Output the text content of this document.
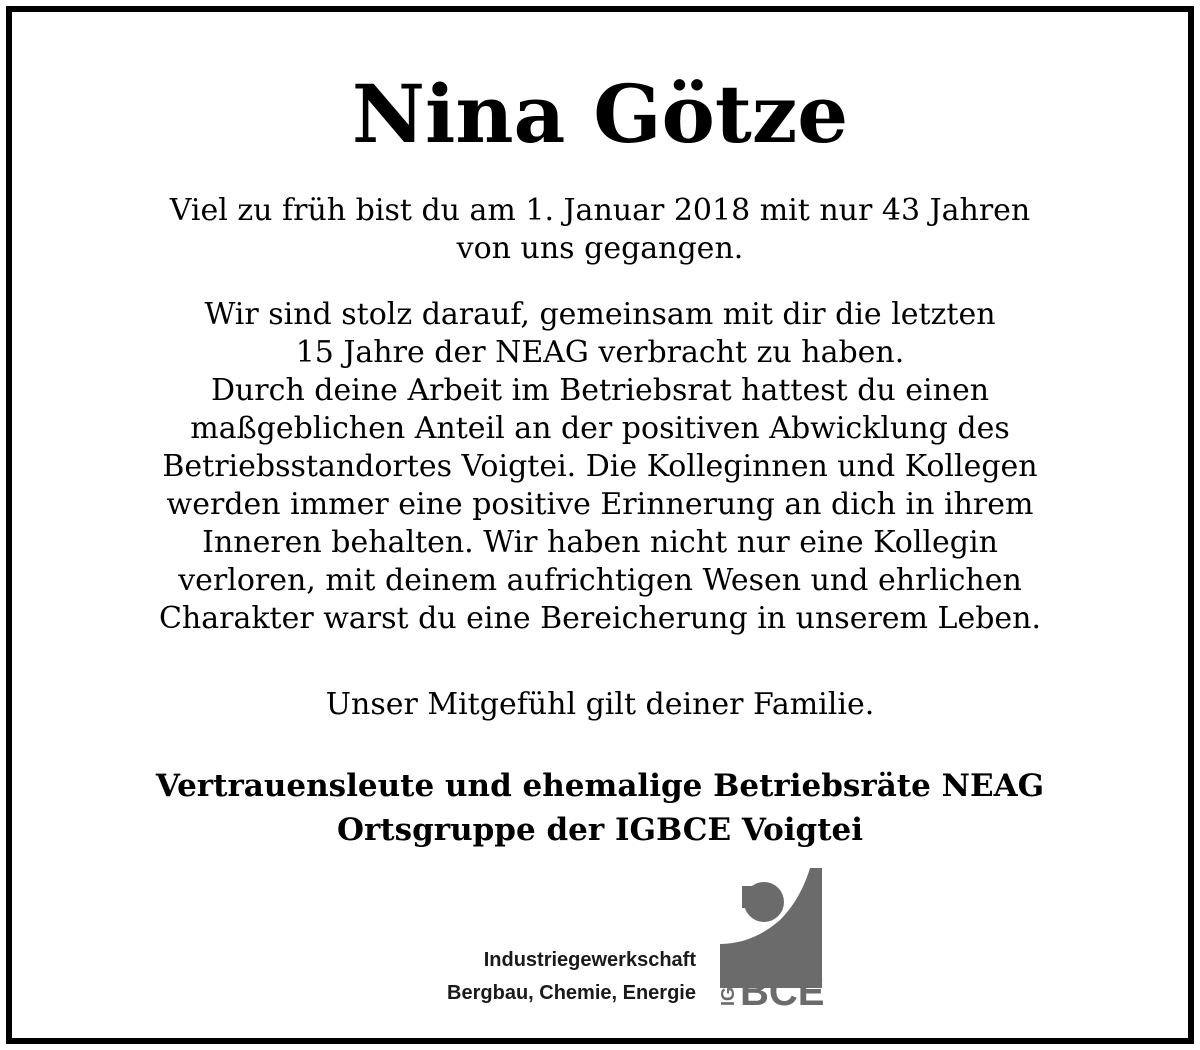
Nina Götze
Viel zu früh bist du am 1. Januar 2018 mit nur 43 Jahren
von uns gegangen.
Wir sind stolz darauf, gemeinsam mit dir die letzten
15 Jahre der NEAG verbracht zu haben.
Durch deine Arbeit im Betriebsrat hattest du einen
maßgeblichen Anteil an der positiven Abwicklung des
Betriebsstandortes Voigtei. Die Kolleginnen und Kollegen
werden immer eine positive Erinnerung an dich in ihrem
Inneren behalten. Wir haben nicht nur eine Kollegin
verloren, mit deinem aufrichtigen Wesen und ehrlichen
Charakter warst du eine Bereicherung in unserem Leben.
Unser Mitgefühl gilt deiner Familie.
Vertrauensleute und ehemalige Betriebsräte NEAG
Ortsgruppe der IGBCE Voigtei
Industriegewerkschaft
Bergbau, Chemie, Energie IG BCE
